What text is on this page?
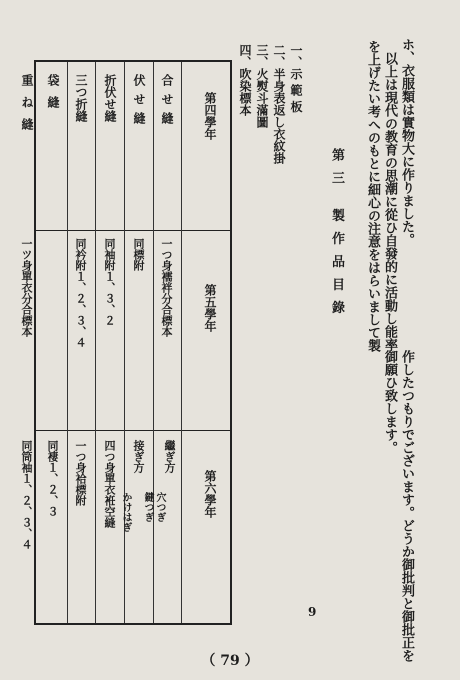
ホ、衣服類は實物大に作りました。
以上は現代の教育の思潮に從ひ自發的に活動し能率
を上げたい考へのもとに細心の注意をはらいまして製
作したつもりでございます。どうか御批判と御批正を
御願ひ致します。
第三 製作品目錄
一、示 範 板
二、半身表返し衣紋掛
三、火熨斗滿圖
四、吹染標本
第四學年
第五學年
第六學年
合せ縫
伏せ縫
折伏せ縫
三つ折縫
袋縫
重ね縫
一つ身襦袢分合標本
同標附
同袖附１、３、２
同衿附１、２、３、４
一ツ身單衣分合標本
繼ぎ方
穴つぎ
鍵つぎ
接ぎ方
かけはぎ
四つ身單衣袵空縫
一つ身袷標附
同褄１、２、３
同筒袖１、２、３、４
9
（ 79 ）
